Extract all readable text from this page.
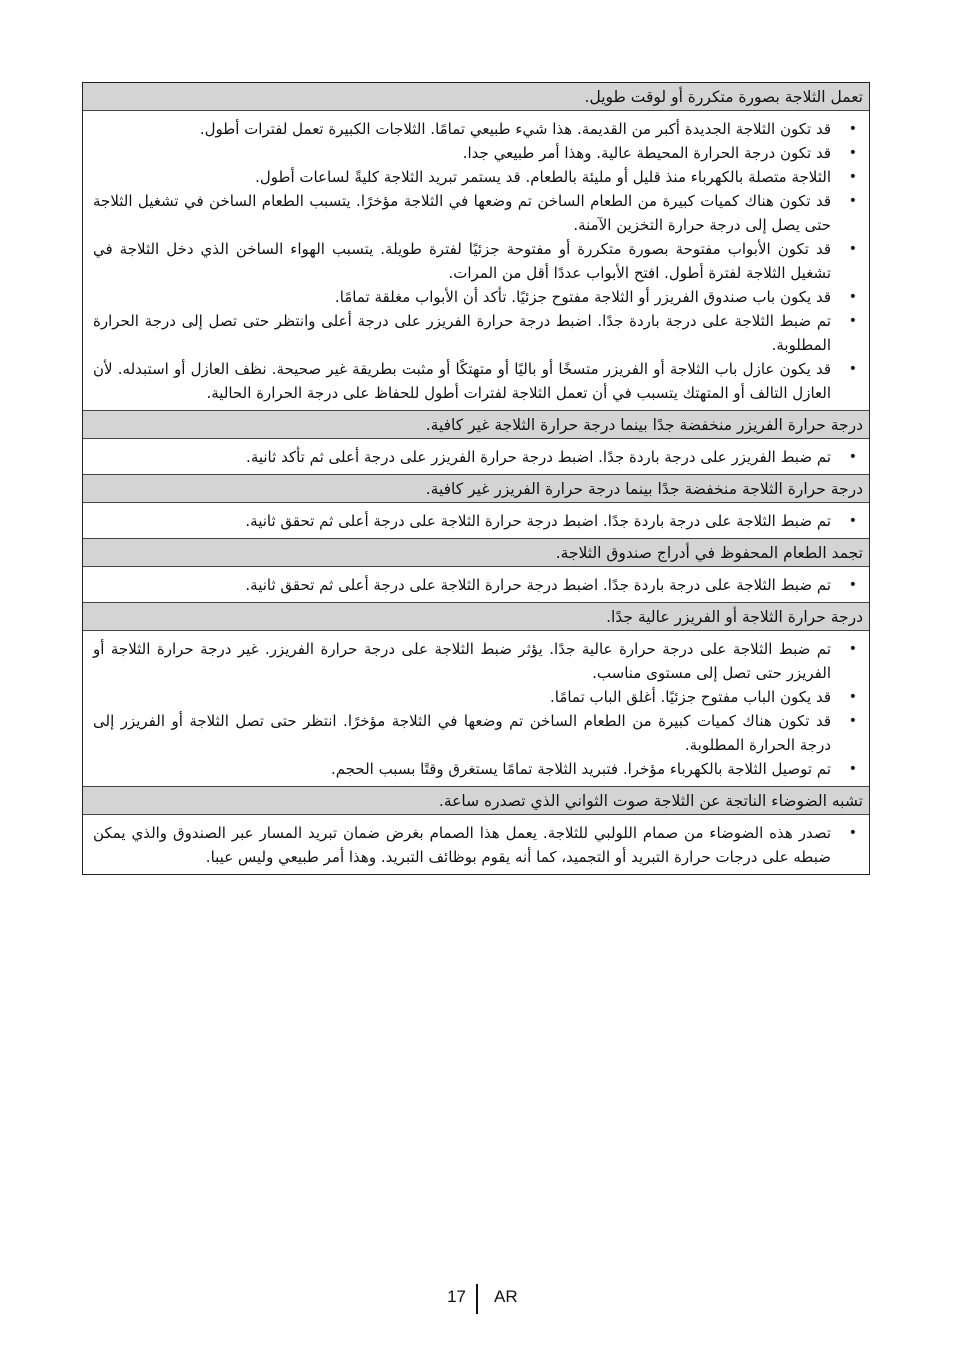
تعمل الثلاجة بصورة متكررة أو لوقت طويل.
•
قد تكون الثلاجة الجديدة أكبر من القديمة. هذا شيء طبيعي تمامًا. الثلاجات الكبيرة تعمل لفترات أطول.
•
قد تكون درجة الحرارة المحيطة عالية. وهذا أمر طبيعي جدا.
•
الثلاجة متصلة بالكهرباء منذ قليل أو مليئة بالطعام. قد يستمر تبريد الثلاجة كليةً لساعات أطول.
•
قد تكون هناك كميات كبيرة من الطعام الساخن تم وضعها في الثلاجة مؤخرًا. يتسبب الطعام الساخن في تشغيل الثلاجة حتى يصل إلى درجة حرارة التخزين الآمنة.
•
قد تكون الأبواب مفتوحة بصورة متكررة أو مفتوحة جزئيًا لفترة طويلة. يتسبب الهواء الساخن الذي دخل الثلاجة في تشغيل الثلاجة لفترة أطول. افتح الأبواب عددًا أقل من المرات.
•
قد يكون باب صندوق الفريزر أو الثلاجة مفتوح جزئيًا. تأكد أن الأبواب مغلقة تمامًا.
•
تم ضبط الثلاجة على درجة باردة جدًا. اضبط درجة حرارة الفريزر على درجة أعلى وانتظر حتى تصل إلى درجة الحرارة المطلوبة.
•
قد يكون عازل باب الثلاجة أو الفريزر متسخًا أو باليًا أو متهتكًا أو مثبت بطريقة غير صحيحة. نظف العازل أو استبدله. لأن العازل التالف أو المتهتك يتسبب في أن تعمل الثلاجة لفترات أطول للحفاظ على درجة الحرارة الحالية.
درجة حرارة الفريزر منخفضة جدًا بينما درجة حرارة الثلاجة غير كافية.
•
تم ضبط الفريزر على درجة باردة جدًا. اضبط درجة حرارة الفريزر على درجة أعلى ثم تأكد ثانية.
درجة حرارة الثلاجة منخفضة جدًا بينما درجة حرارة الفريزر غير كافية.
•
تم ضبط الثلاجة على درجة باردة جدًا. اضبط درجة حرارة الثلاجة على درجة أعلى ثم تحقق ثانية.
تجمد الطعام المحفوظ في أدراج صندوق الثلاجة.
•
تم ضبط الثلاجة على درجة باردة جدًا. اضبط درجة حرارة الثلاجة على درجة أعلى ثم تحقق ثانية.
درجة حرارة الثلاجة أو الفريزر عالية جدًا.
•
تم ضبط الثلاجة على درجة حرارة عالية جدًا. يؤثر ضبط الثلاجة على درجة حرارة الفريزر. غير درجة حرارة الثلاجة أو الفريزر حتى تصل إلى مستوى مناسب.
•
قد يكون الباب مفتوح جزئيًا. أغلق الباب تمامًا.
•
قد تكون هناك كميات كبيرة من الطعام الساخن تم وضعها في الثلاجة مؤخرًا. انتظر حتى تصل الثلاجة أو الفريزر إلى درجة الحرارة المطلوبة.
•
تم توصيل الثلاجة بالكهرباء مؤخرا. فتبريد الثلاجة تمامًا يستغرق وقتًا بسبب الحجم.
تشبه الضوضاء الناتجة عن الثلاجة صوت الثواني الذي تصدره ساعة.
•
تصدر هذه الضوضاء من صمام اللولبي للثلاجة. يعمل هذا الصمام بغرض ضمان تبريد المسار عبر الصندوق والذي يمكن ضبطه على درجات حرارة التبريد أو التجميد، كما أنه يقوم بوظائف التبريد. وهذا أمر طبيعي وليس عيبا.
17 AR
